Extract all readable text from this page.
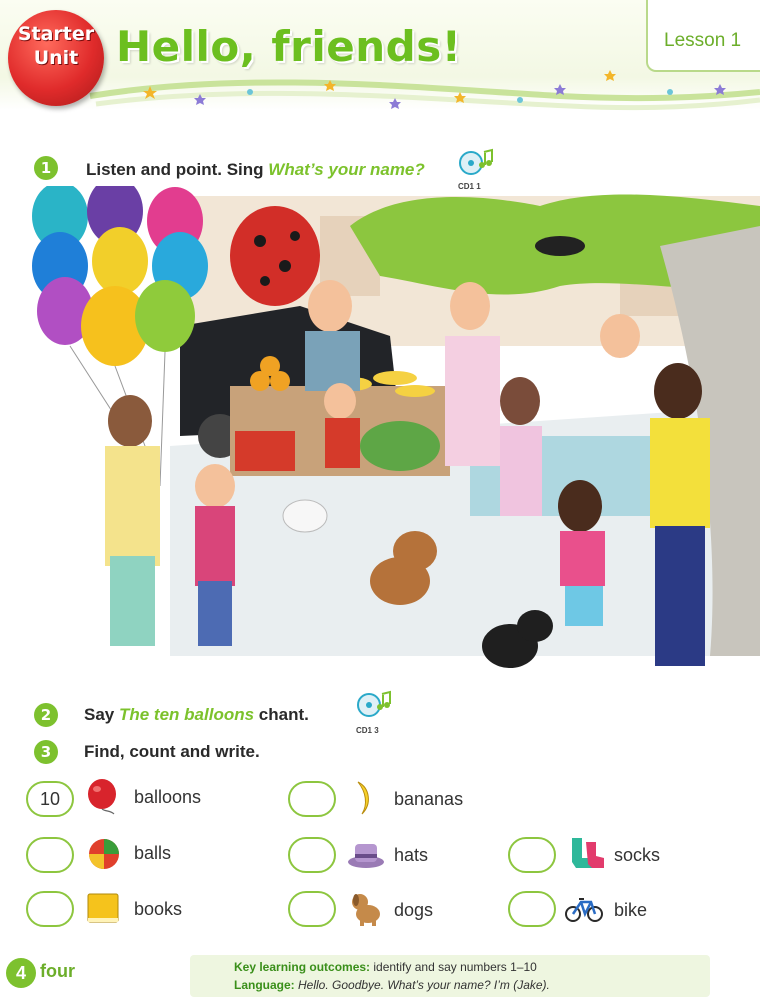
Starter
Unit Hello, friends!	Lesson 1
1	Listen and point. Sing What’s your name?
CD1 1
2	Say The ten balloons chant.
CD1 3
3	Find, count and write.
10	balloons	bananas
balls	hats	socks
books	dogs	bike
4 four	Key learning outcomes: identify and say numbers 1–10
Language: Hello. Goodbye. What’s your name? I’m (Jake).
